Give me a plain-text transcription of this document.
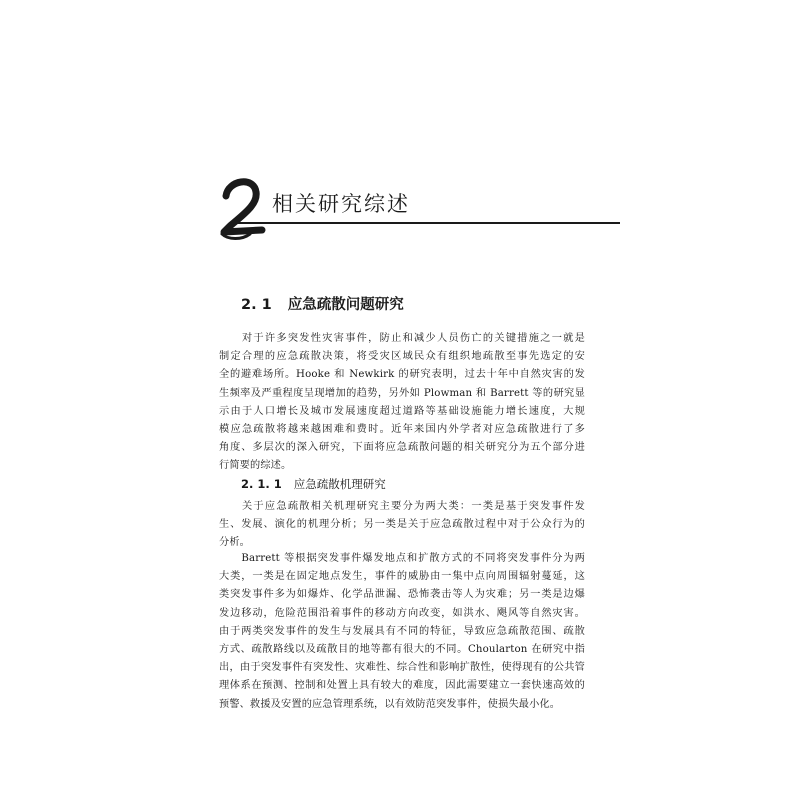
相关研究综述
2. 1 应急疏散问题研究

　　对于许多突发性灾害事件，防止和减少人员伤亡的关键措施之一就是
制定合理的应急疏散决策，将受灾区域民众有组织地疏散至事先选定的安
全的避难场所。Hooke 和 Newkirk 的研究表明，过去十年中自然灾害的发
生频率及严重程度呈现增加的趋势，另外如 Plowman 和 Barrett 等的研究显
示由于人口增长及城市发展速度超过道路等基础设施能力增长速度，大规
模应急疏散将越来越困难和费时。近年来国内外学者对应急疏散进行了多
角度、多层次的深入研究，下面将应急疏散问题的相关研究分为五个部分进
行简要的综述。

2. 1. 1 应急疏散机理研究

　　关于应急疏散相关机理研究主要分为两大类：一类是基于突发事件发
生、发展、演化的机理分析；另一类是关于应急疏散过程中对于公众行为的
分析。

　　Barrett 等根据突发事件爆发地点和扩散方式的不同将突发事件分为两
大类，一类是在固定地点发生，事件的威胁由一集中点向周围辐射蔓延，这
类突发事件多为如爆炸、化学品泄漏、恐怖袭击等人为灾难；另一类是边爆
发边移动，危险范围沿着事件的移动方向改变，如洪水、飓风等自然灾害。
由于两类突发事件的发生与发展具有不同的特征，导致应急疏散范围、疏散
方式、疏散路线以及疏散目的地等都有很大的不同。Choularton 在研究中指
出，由于突发事件有突发性、灾难性、综合性和影响扩散性，使得现有的公共管
理体系在预测、控制和处置上具有较大的难度，因此需要建立一套快速高效的
预警、救援及安置的应急管理系统，以有效防范突发事件，使损失最小化。
